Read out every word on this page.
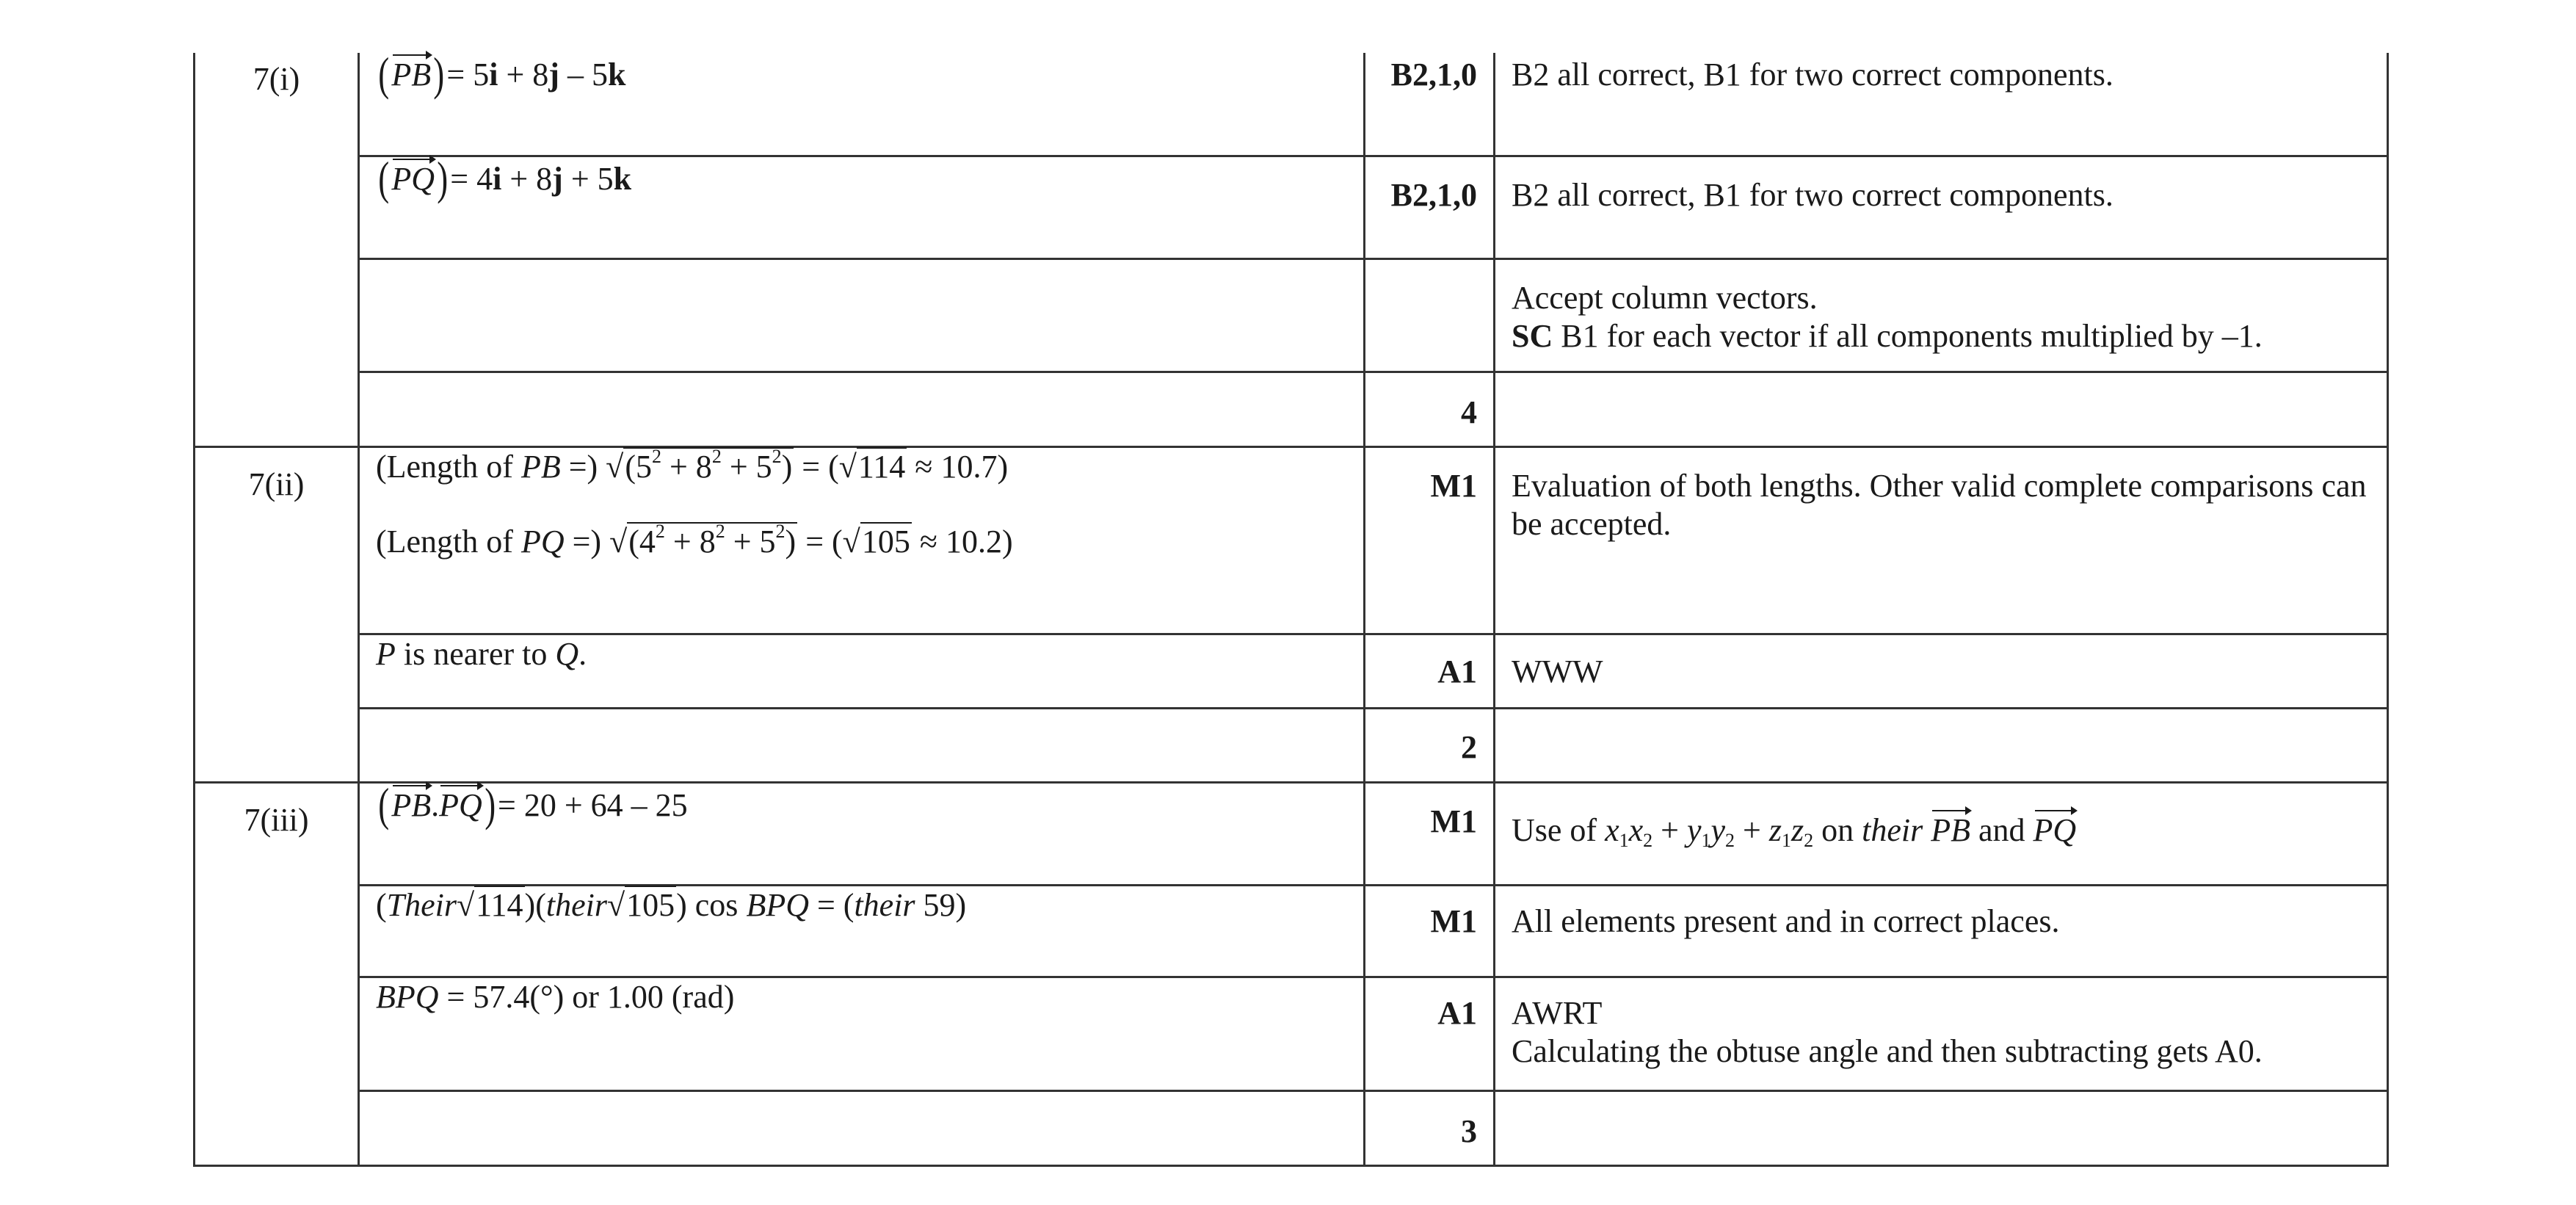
7(i)	(PB)= 5i + 8j – 5k	B2,1,0	B2 all correct, B1 for two correct components.
	(PQ)= 4i + 8j + 5k	B2,1,0	B2 all correct, B1 for two correct components.

			Accept column vectors.
SC B1 for each vector if all components multiplied by –1.

		4	
7(ii)	(Length of PB =) $√(5^2 + 8^2 + 5^2) = (√114 \approx 10.7)$
(Length of PQ =) $√(4^2 + 8^2 + 5^2) = (√105 \approx 10.2)$	M1	Evaluation of both lengths. Other valid complete comparisons can be accepted.
	P is nearer to Q.	A1	WWW
		2	
7(iii)	(PB.PQ)= 20 + 64 – 25	M1	Use of $x_1x_2 + y_1y_2 + z_1z_2$ on their PB and PQ
	(Their√114)(their√105) cos BPQ = (their 59)	M1	All elements present and in correct places.
	BPQ = 57.4(°) or 1.00 (rad)	A1	AWRT
Calculating the obtuse angle and then subtracting gets A0.

		3	
